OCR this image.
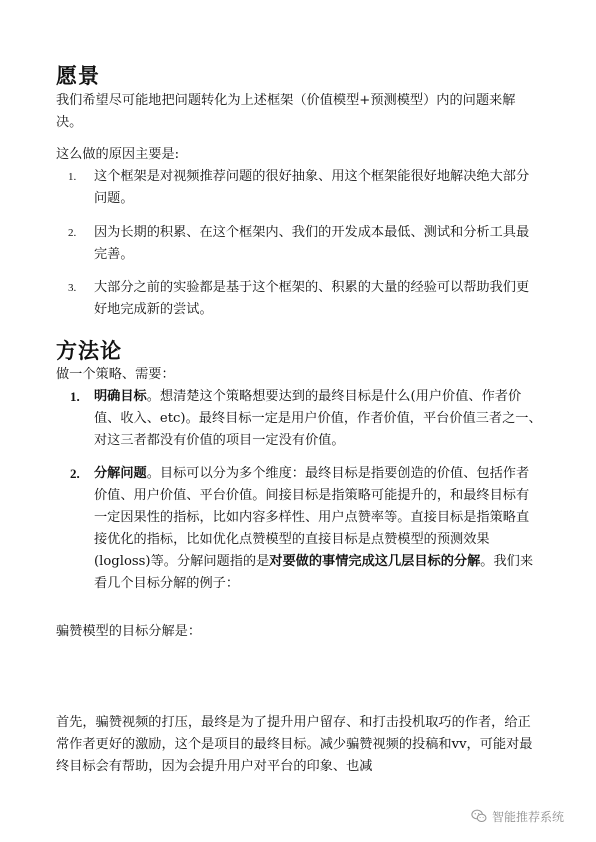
愿景

我们希望尽可能地把问题转化为上述框架（价值模型+预测模型）内的问题来解决。

这么做的原因主要是:

1. 这个框架是对视频推荐问题的很好抽象、用这个框架能很好地解决绝大部分问题。

2. 因为长期的积累、在这个框架内、我们的开发成本最低、测试和分析工具最完善。

3. 大部分之前的实验都是基于这个框架的、积累的大量的经验可以帮助我们更好地完成新的尝试。

方法论

做一个策略、需要：

1. 明确目标。想清楚这个策略想要达到的最终目标是什么(用户价值、作者价值、收入、etc)。最终目标一定是用户价值，作者价值，平台价值三者之一、对这三者都没有价值的项目一定没有价值。

2. 分解问题。目标可以分为多个维度：最终目标是指要创造的价值、包括作者价值、用户价值、平台价值。间接目标是指策略可能提升的，和最终目标有一定因果性的指标，比如内容多样性、用户点赞率等。直接目标是指策略直接优化的指标，比如优化点赞模型的直接目标是点赞模型的预测效果(logloss)等。分解问题指的是对要做的事情完成这几层目标的分解。我们来看几个目标分解的例子：

骗赞模型的目标分解是：

首先，骗赞视频的打压，最终是为了提升用户留存、和打击投机取巧的作者，给正常作者更好的激励，这个是项目的最终目标。减少骗赞视频的投稿和vv，可能对最终目标会有帮助，因为会提升用户对平台的印象、也减

智能推荐系统
